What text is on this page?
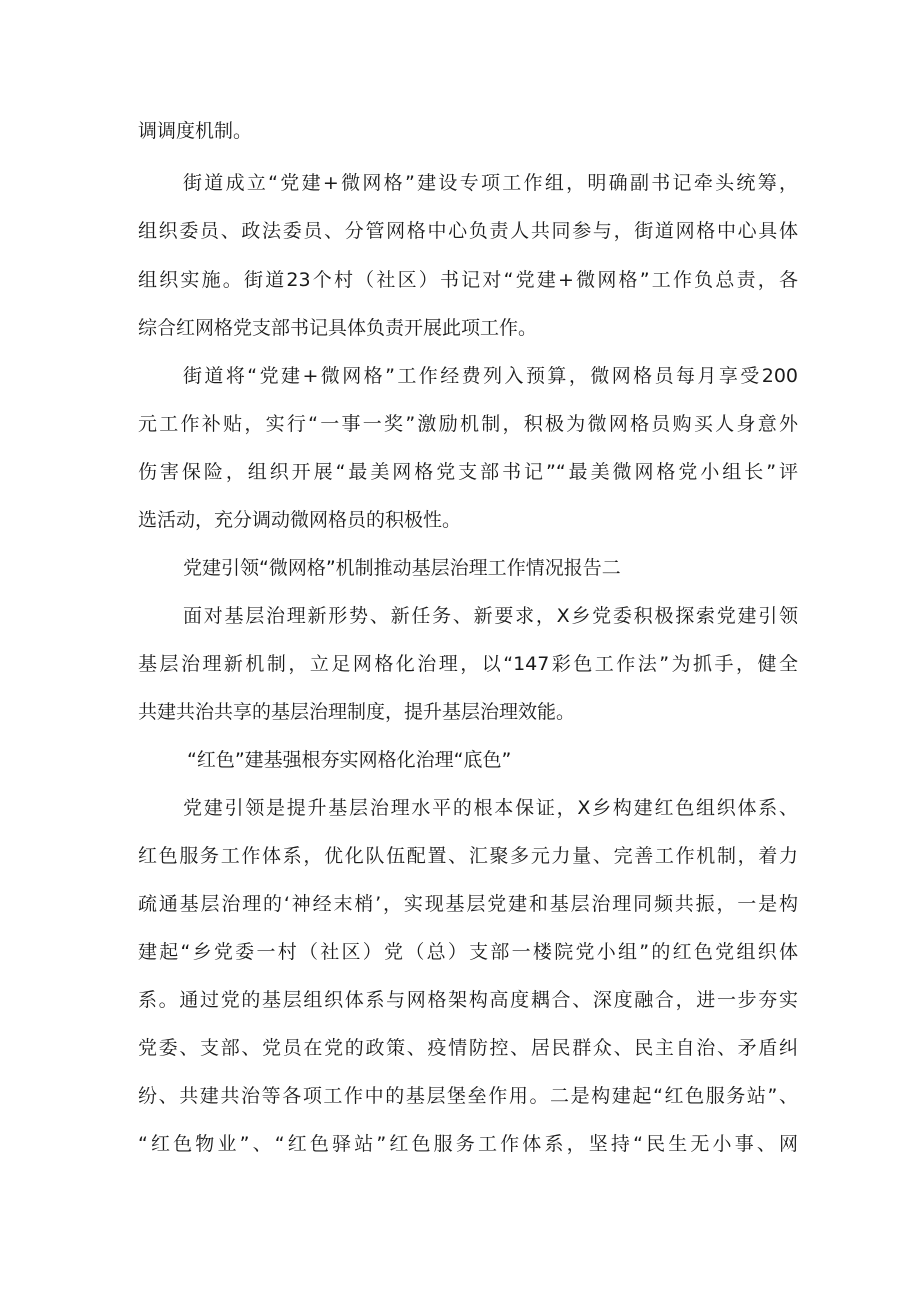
调调度机制。
街道成立“党建+微网格”建设专项工作组，明确副书记牵头统筹，
组织委员、政法委员、分管网格中心负责人共同参与，街道网格中心具体
组织实施。街道23个村（社区）书记对“党建+微网格”工作负总责，各
综合红网格党支部书记具体负责开展此项工作。
街道将“党建+微网格”工作经费列入预算，微网格员每月享受200
元工作补贴，实行“一事一奖”激励机制，积极为微网格员购买人身意外
伤害保险，组织开展“最美网格党支部书记”“最美微网格党小组长”评
选活动，充分调动微网格员的积极性。
党建引领“微网格”机制推动基层治理工作情况报告二
面对基层治理新形势、新任务、新要求，X乡党委积极探索党建引领
基层治理新机制，立足网格化治理，以“147彩色工作法”为抓手，健全
共建共治共享的基层治理制度，提升基层治理效能。
“红色”建基强根夯实网格化治理“底色”
党建引领是提升基层治理水平的根本保证，X乡构建红色组织体系、
红色服务工作体系，优化队伍配置、汇聚多元力量、完善工作机制，着力
疏通基层治理的‘神经末梢’，实现基层党建和基层治理同频共振，一是构
建起“乡党委一村（社区）党（总）支部一楼院党小组”的红色党组织体
系。通过党的基层组织体系与网格架构高度耦合、深度融合，进一步夯实
党委、支部、党员在党的政策、疫情防控、居民群众、民主自治、矛盾纠
纷、共建共治等各项工作中的基层堡垒作用。二是构建起“红色服务站”、
“红色物业”、“红色驿站”红色服务工作体系，坚持“民生无小事、网
